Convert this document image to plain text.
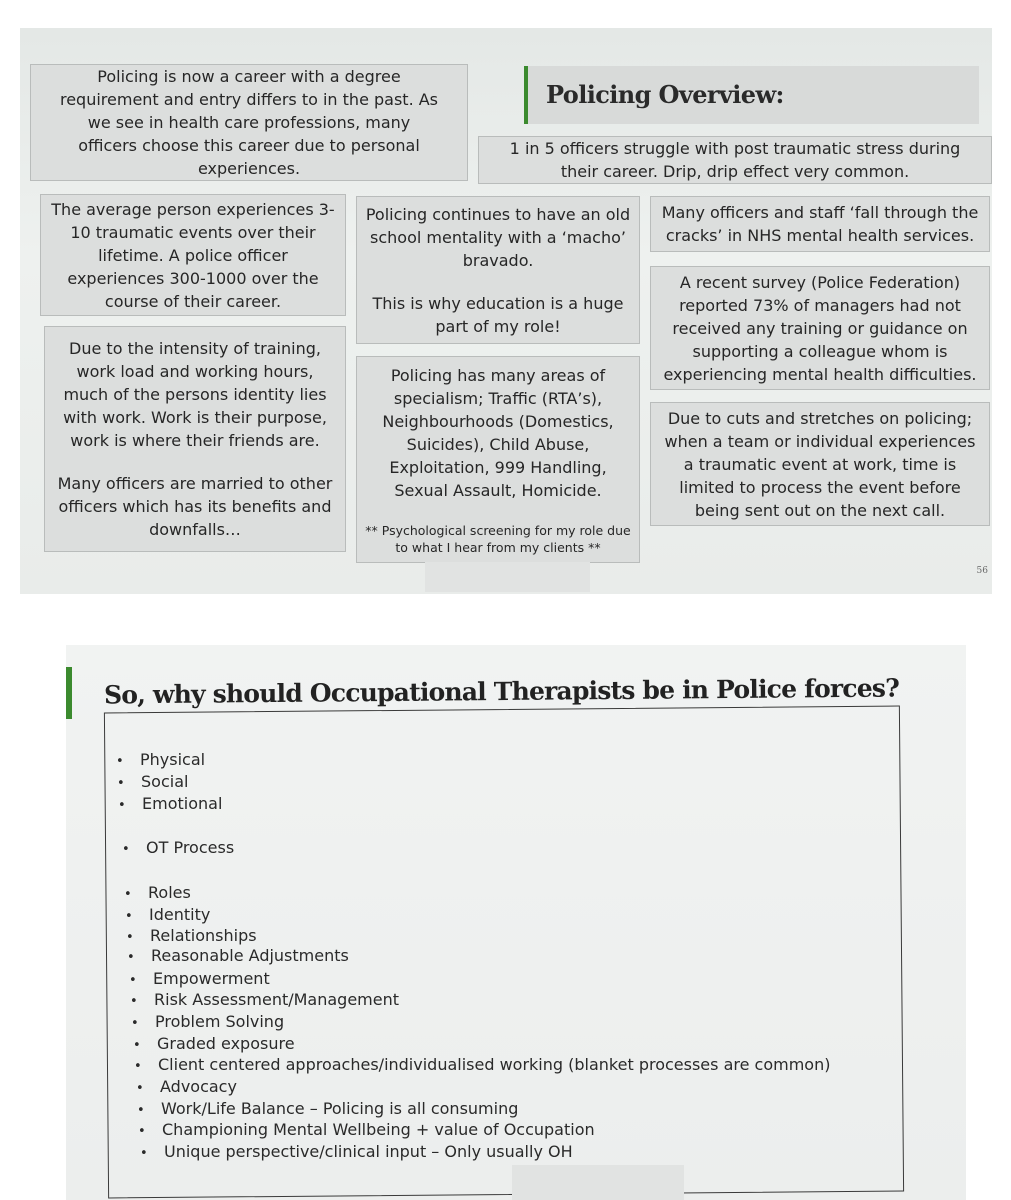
Policing is now a career with a degree requirement and entry differs to in the past. As we see in health care professions, many officers choose this career due to personal experiences.

Policing Overview:

1 in 5 officers struggle with post traumatic stress during their career. Drip, drip effect very common.

The average person experiences 3-10 traumatic events over their lifetime. A police officer experiences 300-1000 over the course of their career.

Policing continues to have an old school mentality with a ‘macho’ bravado.

This is why education is a huge part of my role!

Many officers and staff ‘fall through the cracks’ in NHS mental health services.

A recent survey (Police Federation) reported 73% of managers had not received any training or guidance on supporting a colleague whom is experiencing mental health difficulties.

Due to the intensity of training, work load and working hours, much of the persons identity lies with work. Work is their purpose, work is where their friends are.

Many officers are married to other officers which has its benefits and downfalls…

Policing has many areas of specialism; Traffic (RTA’s), Neighbourhoods (Domestics, Suicides), Child Abuse, Exploitation, 999 Handling, Sexual Assault, Homicide.

** Psychological screening for my role due to what I hear from my clients **

Due to cuts and stretches on policing; when a team or individual experiences a traumatic event at work, time is limited to process the event before being sent out on the next call.

56
So, why should Occupational Therapists be in Police forces?
• Physical
• Social
• Emotional
• OT Process
• Roles
• Identity
• Relationships
• Reasonable Adjustments
• Empowerment
• Risk Assessment/Management
• Problem Solving
• Graded exposure
• Client centered approaches/individualised working (blanket processes are common)
• Advocacy
• Work/Life Balance – Policing is all consuming
• Championing Mental Wellbeing + value of Occupation
• Unique perspective/clinical input – Only usually OH
